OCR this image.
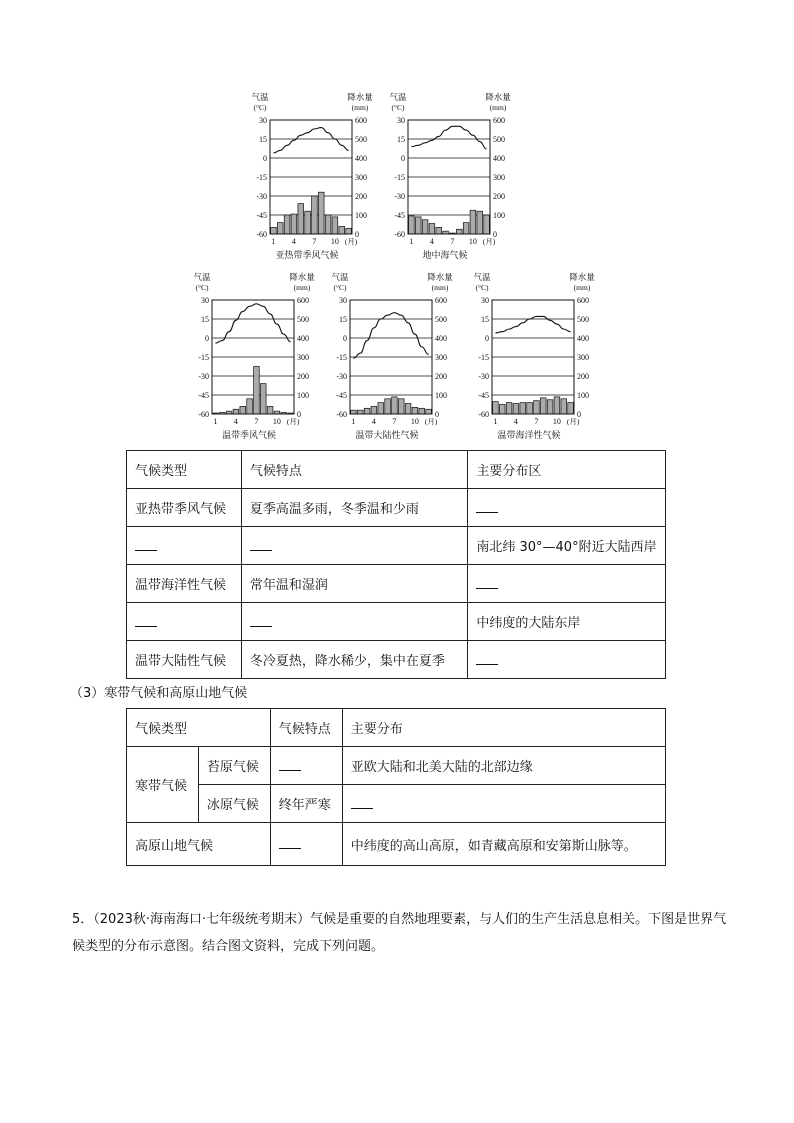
气温
(°C)
降水量
(mm)
30	600
15	500
0	400
-15	300
-30	200
-45	100
-60	0
1 4 7 10 (月)
亚热带季风气候
气温
(°C)
降水量
(mm)
30	600
15	500
0	400
-15	300
-30	200
-45	100
-60	0
1 4 7 10 (月)
地中海气候
气温
(°C)
降水量
(mm)
30	600
15	500
0	400
-15	300
-30	200
-45	100
-60	0
1 4 7 10 (月)
温带季风气候
气温
(°C)
降水量
(mm)
30	600
15	500
0	400
-15	300
-30	200
-45	100
-60	0
1 4 7 10 (月)
温带大陆性气候
气温
(°C)
降水量
(mm)
30	600
15	500
0	400
-15	300
-30	200
-45	100
-60	0
1 4 7 10 (月)
温带海洋性气候
气候类型	气候特点	主要分布区
亚热带季风气候	夏季高温多雨，冬季温和少雨	
		南北纬 30°—40°附近大陆西岸
温带海洋性气候	常年温和湿润	
		中纬度的大陆东岸
温带大陆性气候	冬冷夏热，降水稀少，集中在夏季	
（3）寒带气候和高原山地气候
气候类型		气候特点	主要分布
寒带气候	苔原气候		亚欧大陆和北美大陆的北部边缘
	冰原气候	终年严寒	
高原山地气候			中纬度的高山高原，如青藏高原和安第斯山脉等。
5．（2023秋·海南海口·七年级统考期末）气候是重要的自然地理要素，与人们的生产生活息息相关。下图是世界气候类型的分布示意图。结合图文资料，完成下列问题。
